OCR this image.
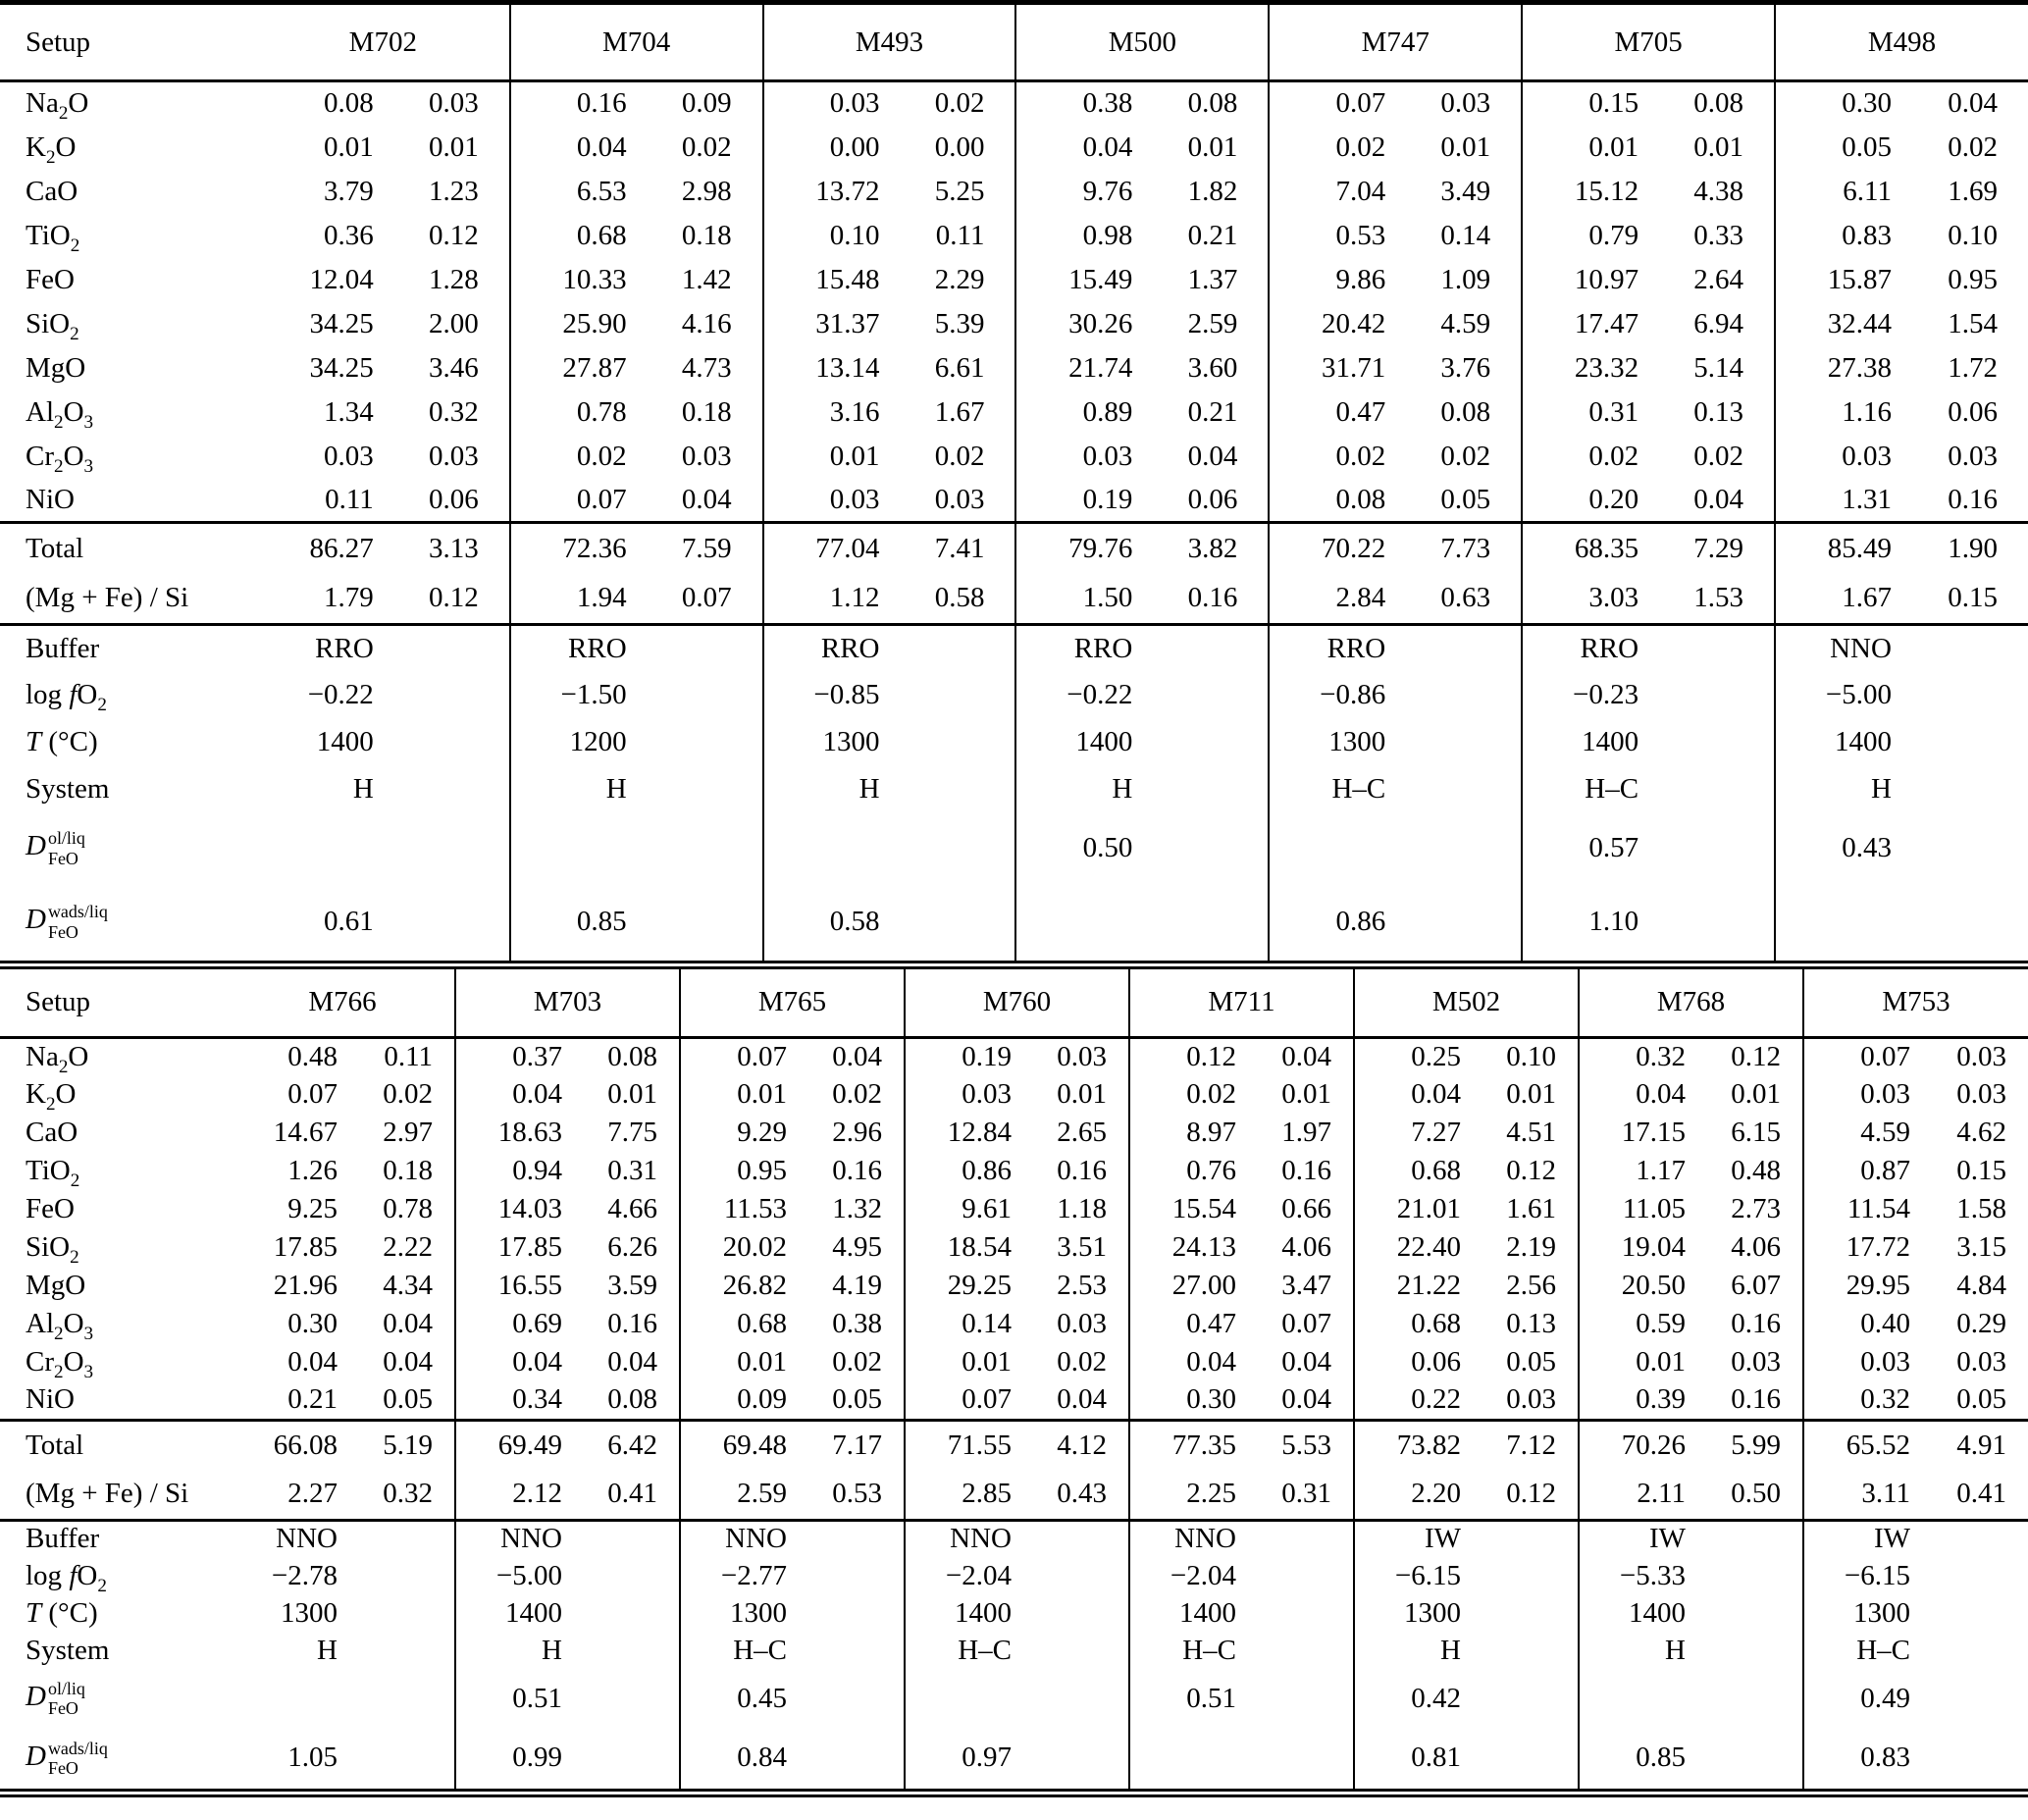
Setup	M702		M704		M493		M500		M747		M705		M498	
$Na_2O$	0.08	0.03	0.16	0.09	0.03	0.02	0.38	0.08	0.07	0.03	0.15	0.08	0.30	0.04
$K_2O$	0.01	0.01	0.04	0.02	0.00	0.00	0.04	0.01	0.02	0.01	0.01	0.01	0.05	0.02
CaO	3.79	1.23	6.53	2.98	13.72	5.25	9.76	1.82	7.04	3.49	15.12	4.38	6.11	1.69
TiO$_2$	0.36	0.12	0.68	0.18	0.10	0.11	0.98	0.21	0.53	0.14	0.79	0.33	0.83	0.10
FeO	12.04	1.28	10.33	1.42	15.48	2.29	15.49	1.37	9.86	1.09	10.97	2.64	15.87	0.95
SiO$_2$	34.25	2.00	25.90	4.16	31.37	5.39	30.26	2.59	20.42	4.59	17.47	6.94	32.44	1.54
MgO	34.25	3.46	27.87	4.73	13.14	6.61	21.74	3.60	31.71	3.76	23.32	5.14	27.38	1.72
$Al_2O_3$	1.34	0.32	0.78	0.18	3.16	1.67	0.89	0.21	0.47	0.08	0.31	0.13	1.16	0.06
$Cr_2O_3$	0.03	0.03	0.02	0.03	0.01	0.02	0.03	0.04	0.02	0.02	0.02	0.02	0.03	0.03
NiO	0.11	0.06	0.07	0.04	0.03	0.03	0.19	0.06	0.08	0.05	0.20	0.04	1.31	0.16
Total	86.27	3.13	72.36	7.59	77.04	7.41	79.76	3.82	70.22	7.73	68.35	7.29	85.49	1.90
(Mg + Fe) / Si	1.79	0.12	1.94	0.07	1.12	0.58	1.50	0.16	2.84	0.63	3.03	1.53	1.67	0.15
Buffer	RRO		RRO		RRO		RRO		RRO		RRO		NNO	
$\log fO_2$	−0.22		−1.50		−0.85		−0.22		−0.86		−0.23		−5.00	
T (°C)	1400		1200		1300		1400		1300		1400		1400	
System	H		H		H		H		H–C		H–C		H	
D ol/liq
FeO							0.50				0.57		0.43	
D wads/liq
FeO	0.61		0.85		0.58				0.86		1.10			
Setup	M766		M703		M765		M760		M711		M502		M768		M753	
$Na_2O$	0.48	0.11	0.37	0.08	0.07	0.04	0.19	0.03	0.12	0.04	0.25	0.10	0.32	0.12	0.07	0.03
$K_2O$	0.07	0.02	0.04	0.01	0.01	0.02	0.03	0.01	0.02	0.01	0.04	0.01	0.04	0.01	0.03	0.03
CaO	14.67	2.97	18.63	7.75	9.29	2.96	12.84	2.65	8.97	1.97	7.27	4.51	17.15	6.15	4.59	4.62
TiO$_2$	1.26	0.18	0.94	0.31	0.95	0.16	0.86	0.16	0.76	0.16	0.68	0.12	1.17	0.48	0.87	0.15
FeO	9.25	0.78	14.03	4.66	11.53	1.32	9.61	1.18	15.54	0.66	21.01	1.61	11.05	2.73	11.54	1.58
SiO$_2$	17.85	2.22	17.85	6.26	20.02	4.95	18.54	3.51	24.13	4.06	22.40	2.19	19.04	4.06	17.72	3.15
MgO	21.96	4.34	16.55	3.59	26.82	4.19	29.25	2.53	27.00	3.47	21.22	2.56	20.50	6.07	29.95	4.84
$Al_2O_3$	0.30	0.04	0.69	0.16	0.68	0.38	0.14	0.03	0.47	0.07	0.68	0.13	0.59	0.16	0.40	0.29
$Cr_2O_3$	0.04	0.04	0.04	0.04	0.01	0.02	0.01	0.02	0.04	0.04	0.06	0.05	0.01	0.03	0.03	0.03
NiO	0.21	0.05	0.34	0.08	0.09	0.05	0.07	0.04	0.30	0.04	0.22	0.03	0.39	0.16	0.32	0.05
Total	66.08	5.19	69.49	6.42	69.48	7.17	71.55	4.12	77.35	5.53	73.82	7.12	70.26	5.99	65.52	4.91
(Mg + Fe) / Si	2.27	0.32	2.12	0.41	2.59	0.53	2.85	0.43	2.25	0.31	2.20	0.12	2.11	0.50	3.11	0.41
Buffer	NNO		NNO		NNO		NNO		NNO		IW		IW		IW	
$\log fO_2$	−2.78		−5.00		−2.77		−2.04		−2.04		−6.15		−5.33		−6.15	
T (°C)	1300		1400		1300		1400		1400		1300		1400		1300	
System	H		H		H–C		H–C		H–C		H		H		H–C	
D ol/liq
FeO			0.51		0.45				0.51		0.42				0.49	
D wads/liq
FeO	1.05		0.99		0.84		0.97				0.81		0.85		0.83	
